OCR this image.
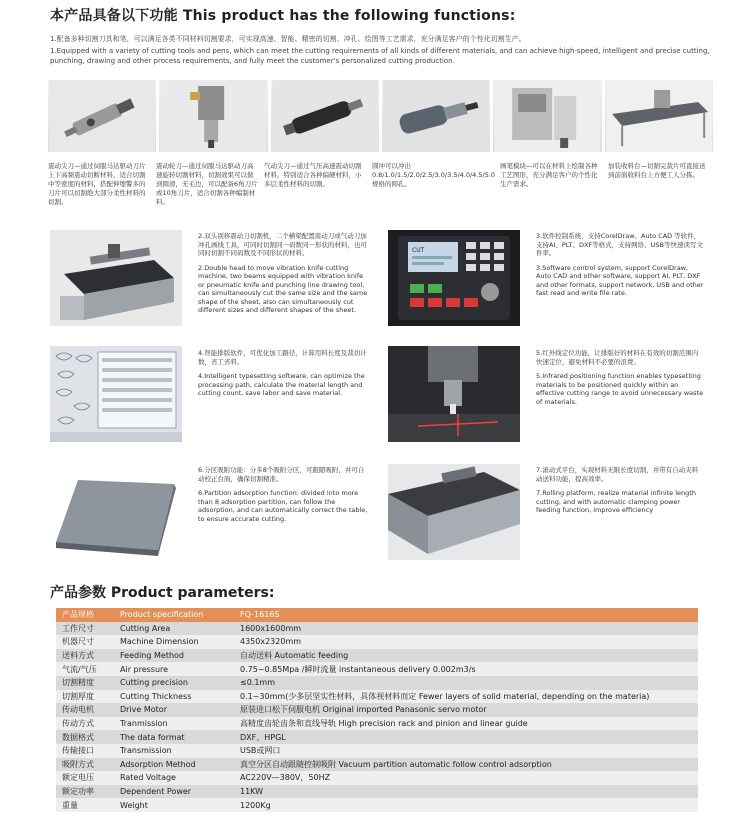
本产品具备以下功能 This product has the following functions:
1.配备多种切割刀具和笔，可以满足各类不同材料切割要求，可实现高速、智能、精密的切割、冲孔、绘图等工艺需求，充分满足客户的个性化切割生产。
1.Equipped with a variety of cutting tools and pens, which can meet the cutting requirements of all kinds of different materials, and can achieve high-speed, intelligent and precise cutting, punching, drawing and other process requirements, and fully meet the customer's personalized cutting production.
震动尖刀—通过伺服马达驱动刀片上下高频震动切断材料，适合切割中等密度的材料，搭配伸缩警多的刀片可以切割绝大部分柔性材料的切割。
震动轮刀—通过伺服马达驱动刀高速旋转切割材料，切割效果可以做到圆滑，无毛边，可以配备6角刀片或10角刀片，适合切割各种编制材料。
气动尖刀—通过气压高速震动切割材料，特别适合各种偏硬材料，小多层柔性材料的切割。
圆冲可以冲出0.8/1.0/1.5/2.0/2.5/3.0/3.5/4.0/4.5/5.0规格的圆孔。
画笔模块—可以在材料上绘制各种工艺图形，充分满足客户的个性化生产需求。
加装收料台—切割完裁片可直接送到前面收料台上方便工人分拣。

2.双头别移震动刀切割机，二个横梁配置震动刀或气动刀加冲孔画线工具，可同时切割同一码数同一形状的材料，也可同时切割不同码数及不同形状的材料。

2.Double head to move vibration knife cutting machine, two beams equipped with vibration knife or pneumatic knife and punching line drawing tool, can simultaneously cut the same size and the same shape of the sheet, also can simultaneously cut different sizes and different shapes of the sheet.

CUT

3.软件控制系统，支持CorelDraw、Auto CAD 等软件，支持AI、PLT、DXF等格式，支持网络、USB等快速读写文件率。

3.Software control system, support CorelDraw, Auto CAD and other software, support AI, PLT, DXF and other formats, support network, USB and other fast read and write file rate.

4.智能排版软件，可优化加工路径，计算用料长度及裁切计数，省工省料。

4.Intelligent typesetting software, can optimize the processing path, calculate the material length and cutting count, save labor and save material.

5.红外线定位功能，让排版好的材料在有效的切割范围内快速定位，避免材料不必要的浪费。

5.Infrared positioning function enables typesetting materials to be positioned quickly within an effective cutting range to avoid unnecessary waste of materials.

6.分区吸附功能：分多8个吸附分区，可跟随吸附，并可自动校正台面，确保切割精准。

6.Partition adsorption function: divided into more than 8 adsorption partition, can follow the adsorption, and can automatically correct the table, to ensure accurate cutting.

7.滚动式平台，实现材料无限长度切割，并带有自动夹料动送料功能，提高效率。

7.Rolling platform, realize material infinite length cutting, and with automatic clamping power feeding function, improve efficiency

产品参数 Product parameters:
产品规格	Product specification	FQ-1616S
工作尺寸	Cutting Area	1600x1600mm
机器尺寸	Machine Dimension	4350x2320mm
送料方式	Feeding Method	自动送料 Automatic feeding
气流/气压	Air pressure	0.75~0.85Mpa /瞬时流量 instantaneous delivery 0.002m3/s
切割精度	Cutting precision	≤0.1mm
切割厚度	Cutting Thickness	0.1~30mm(少多层坚实性材料，具体视材料而定 Fewer layers of solid material, depending on the materia)
传动电机	Drive Motor	原装进口松下伺服电机 Original imported Panasonic servo motor
传动方式	Tranmission	高精度齿轮齿条和直线导轨 High precision rack and pinion and linear guide
数据格式	The data format	DXF、HPGL
传输接口	Transmission	USB或网口
吸附方式	Adsorption Method	真空分区自动跟随控制吸附 Vacuum partition automatic follow control adsorption
额定电压	Rated Voltage	AC220V—380V，50HZ
额定功率	Dependent Power	11KW
重量	Weight	1200Kg
